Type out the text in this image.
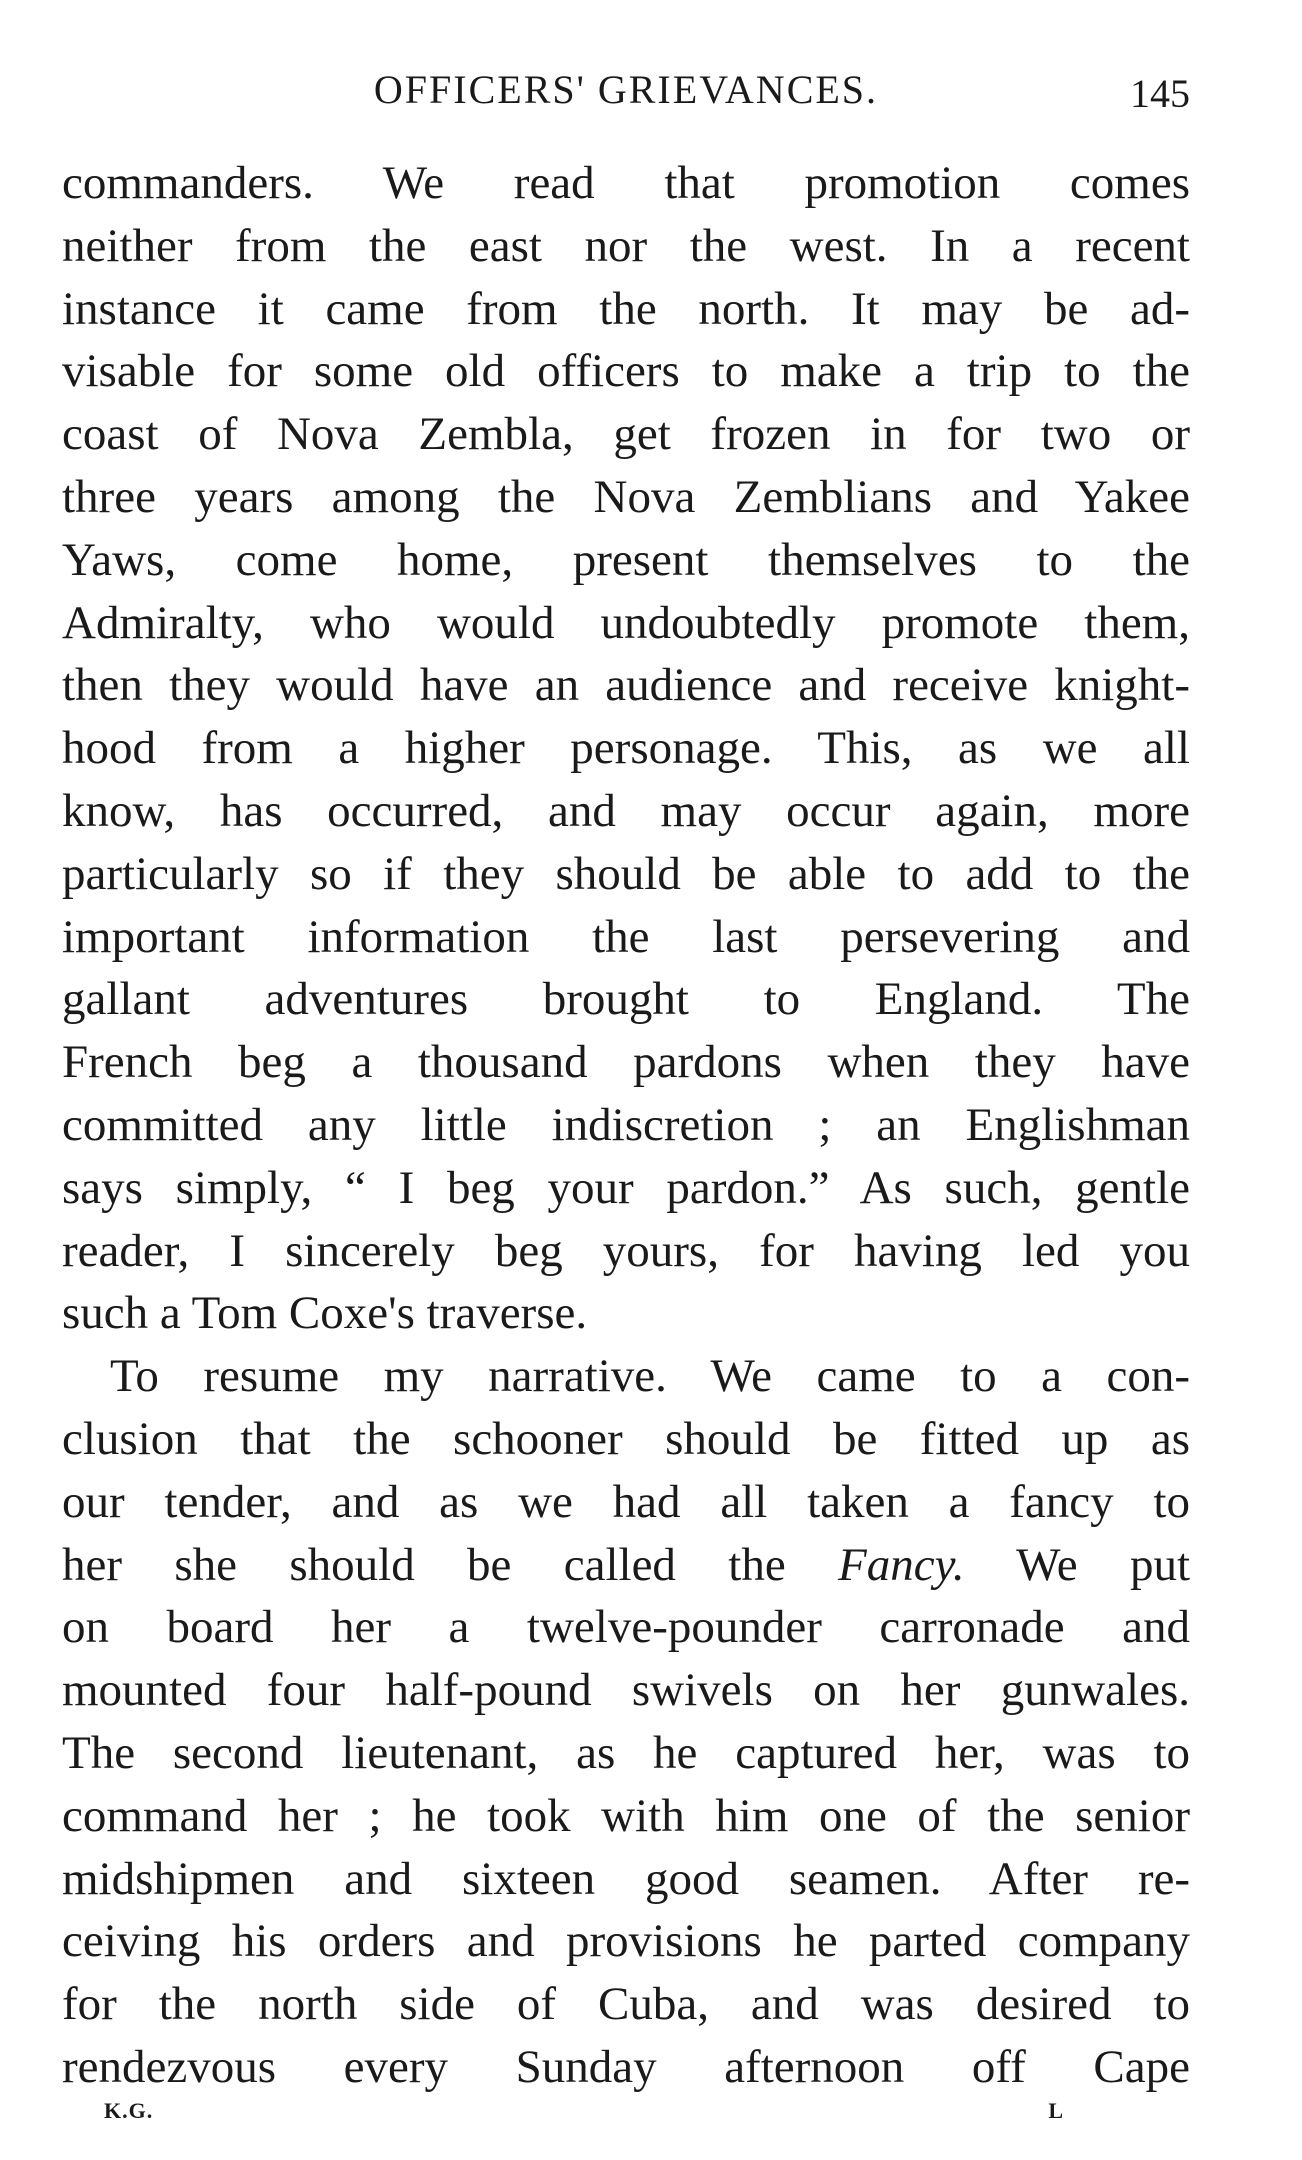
OFFICERS' GRIEVANCES.	145
commanders. We read that promotion comes
neither from the east nor the west. In a recent
instance it came from the north. It may be ad-
visable for some old officers to make a trip to the
coast of Nova Zembla, get frozen in for two or
three years among the Nova Zemblians and Yakee
Yaws, come home, present themselves to the
Admiralty, who would undoubtedly promote them,
then they would have an audience and receive knight-
hood from a higher personage. This, as we all
know, has occurred, and may occur again, more
particularly so if they should be able to add to the
important information the last persevering and
gallant adventures brought to England. The
French beg a thousand pardons when they have
committed any little indiscretion ; an Englishman
says simply, “ I beg your pardon.” As such, gentle
reader, I sincerely beg yours, for having led you
such a Tom Coxe's traverse.
To resume my narrative. We came to a con-
clusion that the schooner should be fitted up as
our tender, and as we had all taken a fancy to
her she should be called the Fancy. We put
on board her a twelve-pounder carronade and
mounted four half-pound swivels on her gunwales.
The second lieutenant, as he captured her, was to
command her ; he took with him one of the senior
midshipmen and sixteen good seamen. After re-
ceiving his orders and provisions he parted company
for the north side of Cuba, and was desired to
rendezvous every Sunday afternoon off Cape
K.G.	L
